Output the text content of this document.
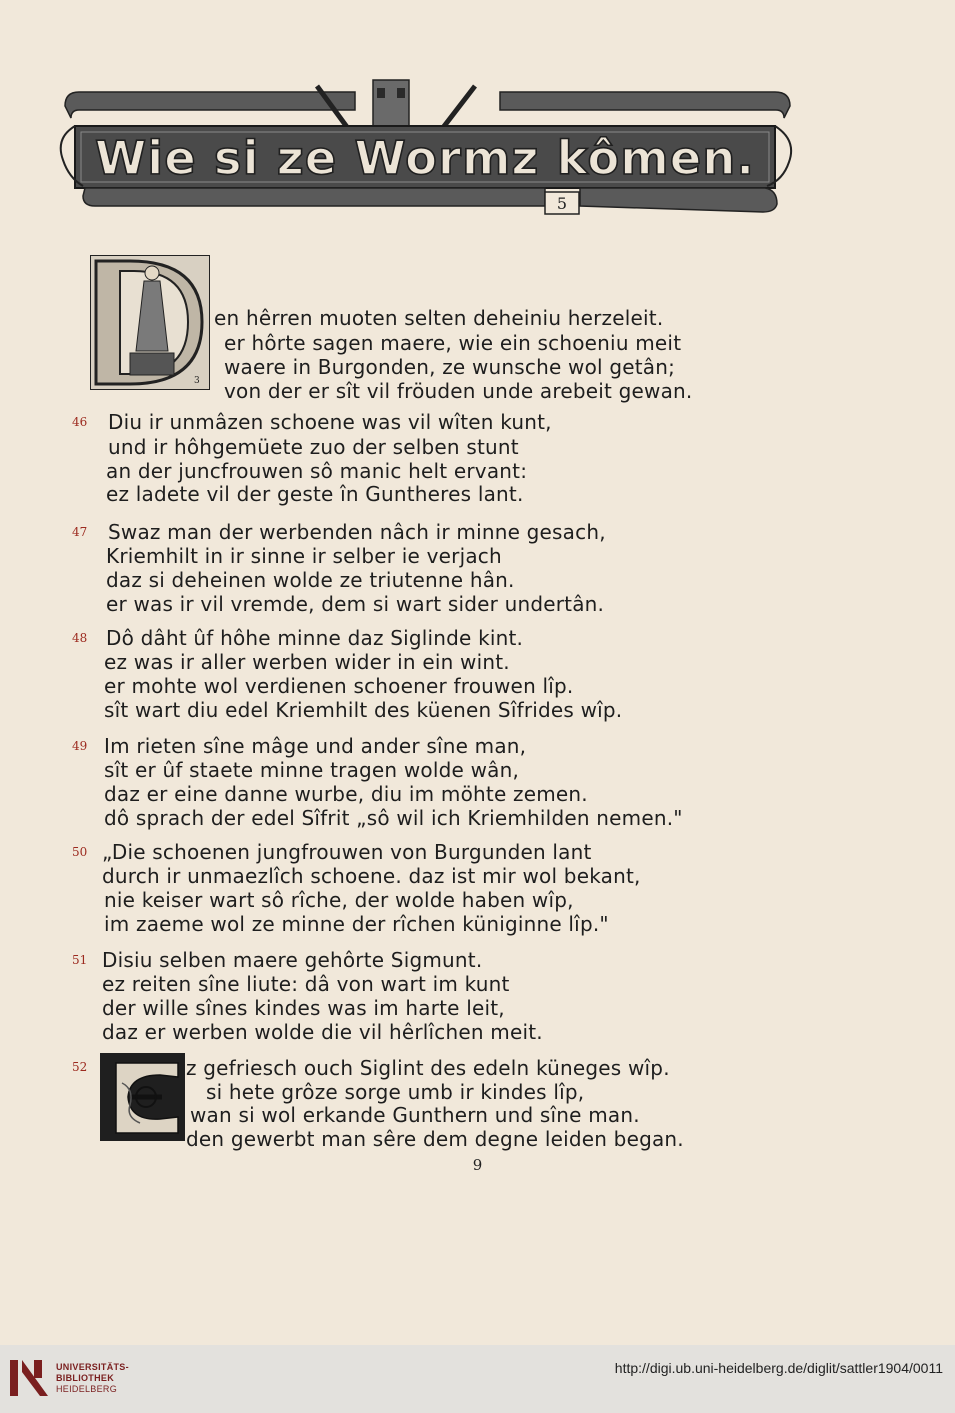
5
Wie si ze Wormz kômen.
3
en hêrren muoten selten deheiniu herzeleit.
er hôrte sagen maere, wie ein schoeniu meit
waere in Burgonden, ze wunsche wol getân;
von der er sît vil fröuden unde arebeit gewan.
46	Diu ir unmâzen schoene was vil wîten kunt,
und ir hôhgemüete zuo der selben stunt
an der juncfrouwen sô manic helt ervant:
ez ladete vil der geste în Guntheres lant.
47	Swaz man der werbenden nâch ir minne gesach,
Kriemhilt in ir sinne ir selber ie verjach
daz si deheinen wolde ze triutenne hân.
er was ir vil vremde, dem si wart sider undertân.
48 Dô dâht ûf hôhe minne daz Siglinde kint.
ez was ir aller werben wider in ein wint.
er mohte wol verdienen schoener frouwen lîp.
sît wart diu edel Kriemhilt des küenen Sîfrides wîp.
49 Im rieten sîne mâge und ander sîne man,
sît er ûf staete minne tragen wolde wân,
daz er eine danne wurbe, diu im möhte zemen.
dô sprach der edel Sîfrit „sô wil ich Kriemhilden nemen."
50 „Die schoenen jungfrouwen von Burgunden lant
durch ir unmaezlîch schoene. daz ist mir wol bekant,
nie keiser wart sô rîche, der wolde haben wîp,
im zaeme wol ze minne der rîchen küniginne lîp."
51 Disiu selben maere gehôrte Sigmunt.
ez reiten sîne liute: dâ von wart im kunt
der wille sînes kindes was im harte leit,
daz er werben wolde die vil hêrlîchen meit.
52	z gefriesch ouch Siglint des edeln küneges wîp.
si hete grôze sorge umb ir kindes lîp,
wan si wol erkande Gunthern und sîne man.
den gewerbt man sêre dem degne leiden began.
9
UNIVERSITÄTS-
BIBLIOTHEK
HEIDELBERG
http://digi.ub.uni-heidelberg.de/diglit/sattler1904/0011
